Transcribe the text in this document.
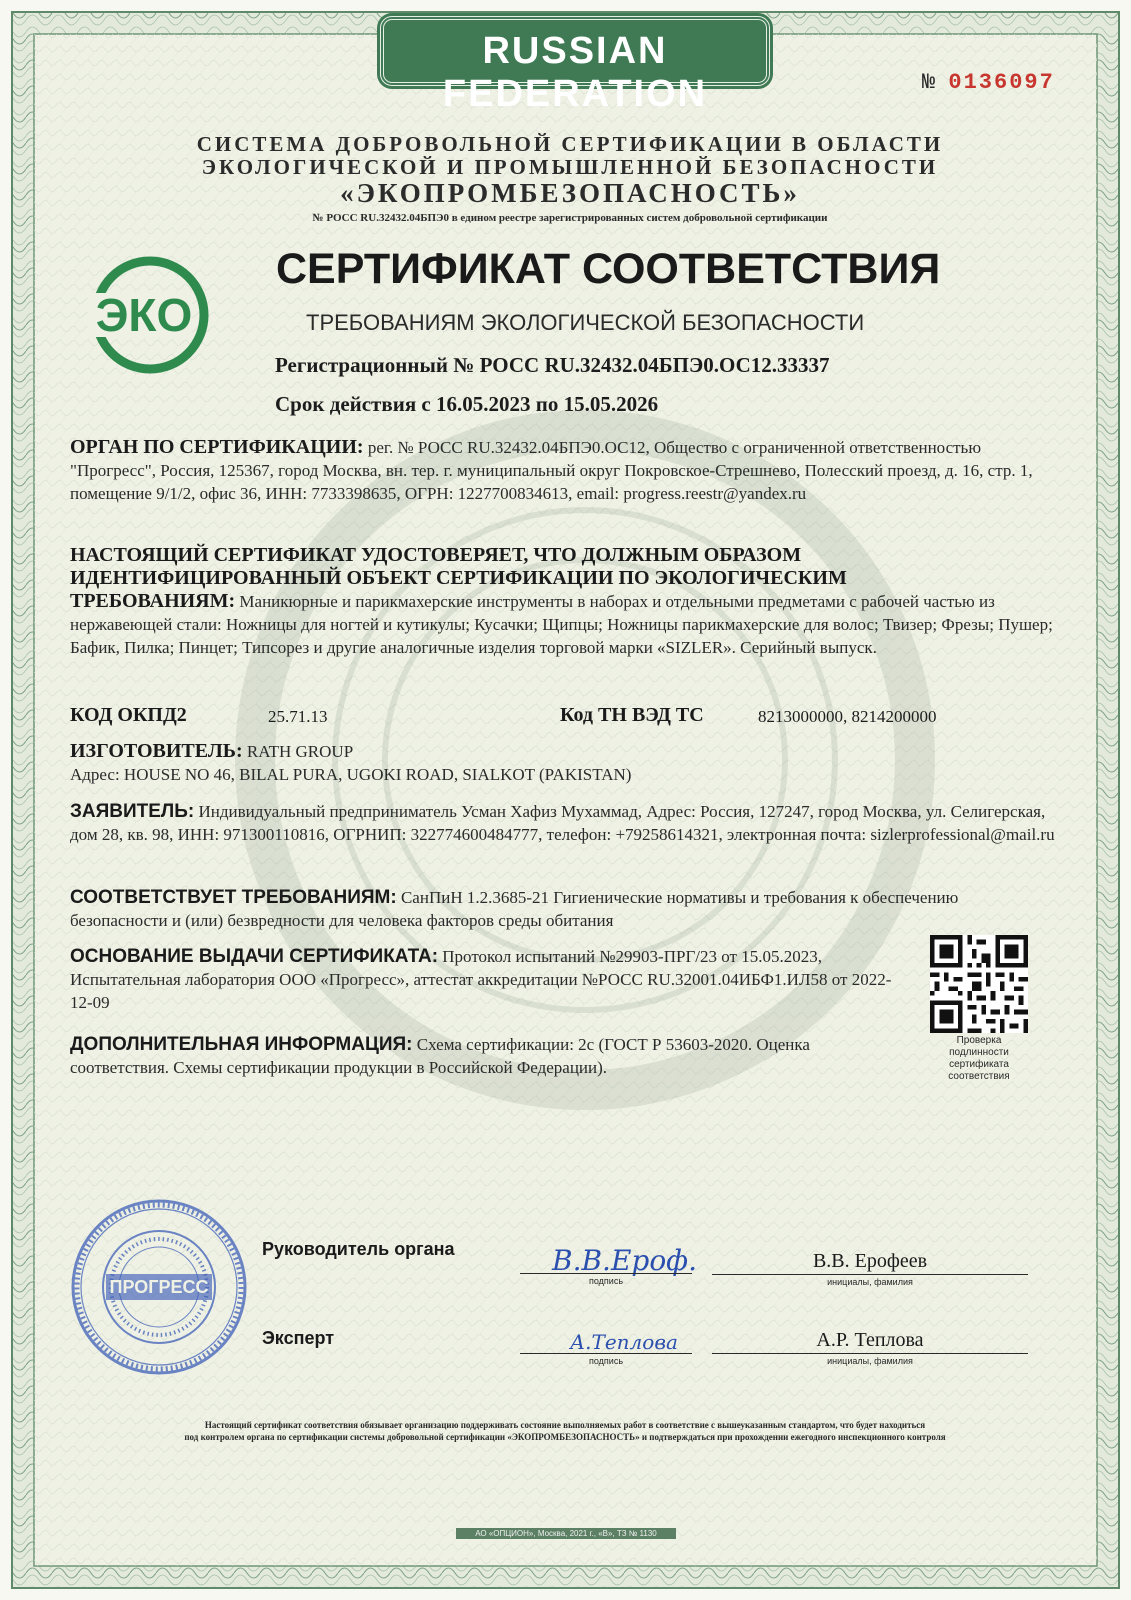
RUSSIAN FEDERATION	№ 0136097
СИСТЕМА ДОБРОВОЛЬНОЙ СЕРТИФИКАЦИИ В ОБЛАСТИ
ЭКОЛОГИЧЕСКОЙ И ПРОМЫШЛЕННОЙ БЕЗОПАСНОСТИ
«ЭКОПРОМБЕЗОПАСНОСТЬ»
№ РОСС RU.32432.04БПЭ0 в едином реестре зарегистрированных систем добровольной сертификации
ЭКО
СЕРТИФИКАТ СООТВЕТСТВИЯ
ТРЕБОВАНИЯМ ЭКОЛОГИЧЕСКОЙ БЕЗОПАСНОСТИ
Регистрационный № РОСС RU.32432.04БПЭ0.ОС12.33337
Срок действия с 16.05.2023 по 15.05.2026
ОРГАН ПО СЕРТИФИКАЦИИ: рег. № РОСС RU.32432.04БПЭ0.ОС12, Общество с ограниченной ответственностью "Прогресс", Россия, 125367, город Москва, вн. тер. г. муниципальный округ Покровское-Стрешнево, Полесский проезд, д. 16, стр. 1, помещение 9/1/2, офис 36, ИНН: 7733398635, ОГРН: 1227700834613, email: progress.reestr@yandex.ru
НАСТОЯЩИЙ СЕРТИФИКАТ УДОСТОВЕРЯЕТ, ЧТО ДОЛЖНЫМ ОБРАЗОМ
ИДЕНТИФИЦИРОВАННЫЙ ОБЪЕКТ СЕРТИФИКАЦИИ ПО ЭКОЛОГИЧЕСКИМ
ТРЕБОВАНИЯМ: Маникюрные и парикмахерские инструменты в наборах и отдельными предметами с рабочей частью из нержавеющей стали: Ножницы для ногтей и кутикулы; Кусачки; Щипцы; Ножницы парикмахерские для волос; Твизер; Фрезы; Пушер; Бафик, Пилка; Пинцет; Типсорез и другие аналогичные изделия торговой марки «SIZLER». Серийный выпуск.
КОД ОКПД2	25.71.13	Код ТН ВЭД ТС	8213000000, 8214200000
ИЗГОТОВИТЕЛЬ: RATH GROUP
Адрес: HOUSE NO 46, BILAL PURA, UGOKI ROAD, SIALKOT (PAKISTAN)
ЗАЯВИТЕЛЬ: Индивидуальный предприниматель Усман Хафиз Мухаммад, Адрес: Россия, 127247, город Москва, ул. Селигерская, дом 28, кв. 98, ИНН: 971300110816, ОГРНИП: 322774600484777, телефон: +79258614321, электронная почта: sizlerprofessional@mail.ru
СООТВЕТСТВУЕТ ТРЕБОВАНИЯМ: СанПиН 1.2.3685-21 Гигиенические нормативы и требования к обеспечению безопасности и (или) безвредности для человека факторов среды обитания
ОСНОВАНИЕ ВЫДАЧИ СЕРТИФИКАТА: Протокол испытаний №29903-ПРГ/23 от 15.05.2023, Испытательная лаборатория ООО «Прогресс», аттестат аккредитации №РОСС RU.32001.04ИБФ1.ИЛ58 от 2022-12-09
ДОПОЛНИТЕЛЬНАЯ ИНФОРМАЦИЯ: Схема сертификации: 2с (ГОСТ Р 53603-2020. Оценка соответствия. Схемы сертификации продукции в Российской Федерации).
Проверка
подлинности
сертификата
соответствия
ПРОГРЕСС
Руководитель органа	В.В.Ероф.
подпись
В.В. Ерофеев
инициалы, фамилия
Эксперт	А.Теплова
подпись
А.Р. Теплова
инициалы, фамилия
Настоящий сертификат соответствия обязывает организацию поддерживать состояние выполняемых работ в соответствие с вышеуказанным стандартом, что будет находиться
под контролем органа по сертификации системы добровольной сертификации «ЭКОПРОМБЕЗОПАСНОСТЬ» и подтверждаться при прохождении ежегодного инспекционного контроля
АО «ОПЦИОН», Москва, 2021 г., «В», ТЗ № 1130
